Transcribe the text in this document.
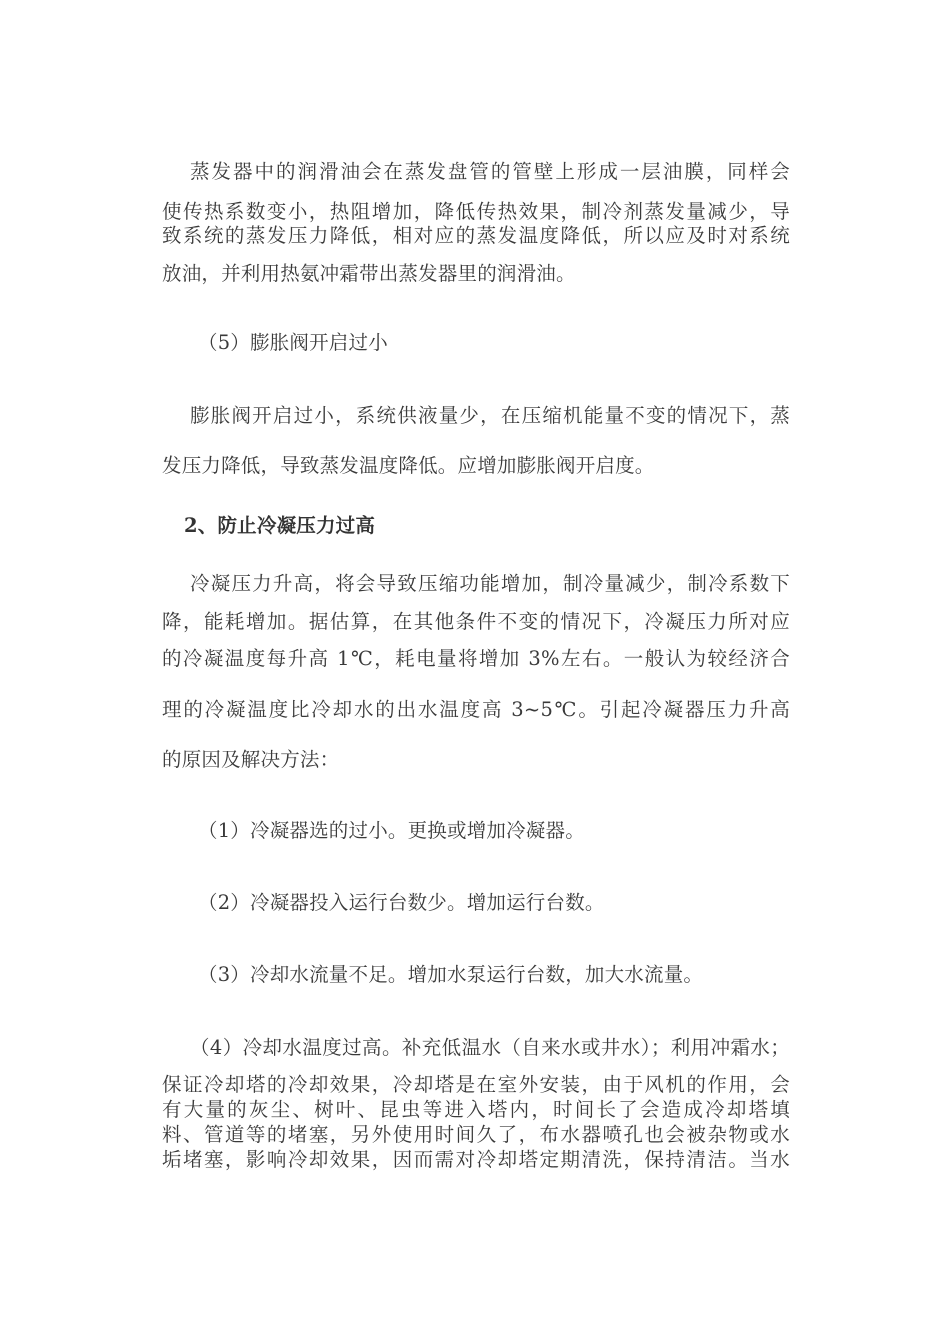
蒸发器中的润滑油会在蒸发盘管的管壁上形成一层油膜，同样会
使传热系数变小，热阻增加，降低传热效果，制冷剂蒸发量减少，导
致系统的蒸发压力降低，相对应的蒸发温度降低，所以应及时对系统
放油，并利用热氨冲霜带出蒸发器里的润滑油。
（5）膨胀阀开启过小
膨胀阀开启过小，系统供液量少，在压缩机能量不变的情况下，蒸
发压力降低，导致蒸发温度降低。应增加膨胀阀开启度。
2、防止冷凝压力过高
冷凝压力升高，将会导致压缩功能增加，制冷量减少，制冷系数下
降，能耗增加。据估算，在其他条件不变的情况下，冷凝压力所对应
的冷凝温度每升高 1℃，耗电量将增加 3%左右。一般认为较经济合
理的冷凝温度比冷却水的出水温度高 3~5℃。引起冷凝器压力升高
的原因及解决方法：
（1）冷凝器选的过小。更换或增加冷凝器。
（2）冷凝器投入运行台数少。增加运行台数。
（3）冷却水流量不足。增加水泵运行台数，加大水流量。
（4）冷却水温度过高。补充低温水（自来水或井水）；利用冲霜水；
保证冷却塔的冷却效果，冷却塔是在室外安装，由于风机的作用，会
有大量的灰尘、树叶、昆虫等进入塔内，时间长了会造成冷却塔填
料、管道等的堵塞，另外使用时间久了，布水器喷孔也会被杂物或水
垢堵塞，影响冷却效果，因而需对冷却塔定期清洗，保持清洁。当水
